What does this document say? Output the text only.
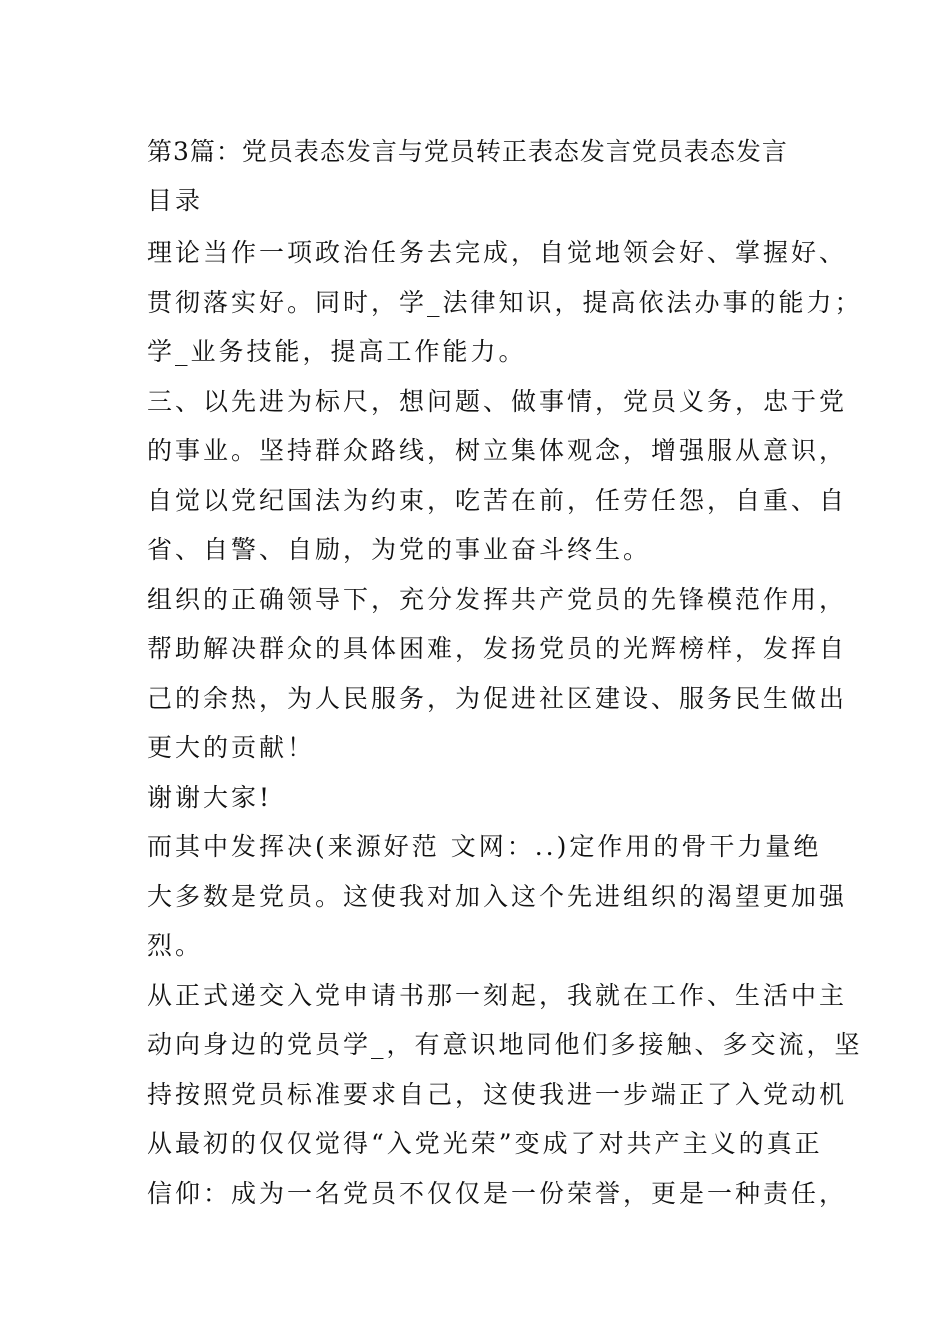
第3篇：党员表态发言与党员转正表态发言党员表态发言
目录
理论当作一项政治任务去完成，自觉地领会好、掌握好、
贯彻落实好。同时，学_法律知识，提高依法办事的能力；
学_业务技能，提高工作能力。
三、以先进为标尺，想问题、做事情，党员义务，忠于党
的事业。坚持群众路线，树立集体观念，增强服从意识，
自觉以党纪国法为约束，吃苦在前，任劳任怨，自重、自
省、自警、自励，为党的事业奋斗终生。
组织的正确领导下，充分发挥共产党员的先锋模范作用，
帮助解决群众的具体困难，发扬党员的光辉榜样，发挥自
己的余热，为人民服务，为促进社区建设、服务民生做出
更大的贡献！
谢谢大家!
而其中发挥决(来源好范 文网：..)定作用的骨干力量绝
大多数是党员。这使我对加入这个先进组织的渴望更加强
烈。
从正式递交入党申请书那一刻起，我就在工作、生活中主
动向身边的党员学_，有意识地同他们多接触、多交流，坚
持按照党员标准要求自己，这使我进一步端正了入党动机
从最初的仅仅觉得“入党光荣”变成了对共产主义的真正
信仰：成为一名党员不仅仅是一份荣誉，更是一种责任，
